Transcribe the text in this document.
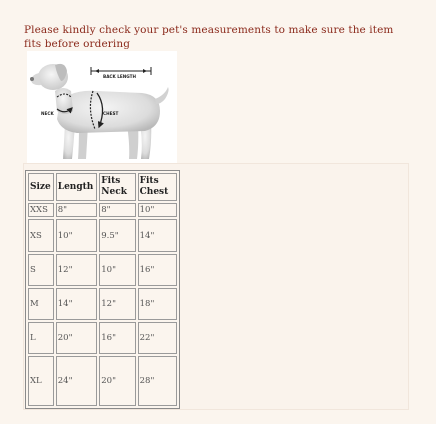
Please kindly check your pet's measurements to make sure the item fits before ordering

BACK LENGTH
NECK	CHEST
Size	Length	Fits Neck	Fits Chest
XXS	8"	8"	10"
XS	10"	9.5"	14"
S	12"	10"	16"
M	14"	12"	18"
L	20"	16"	22"
XL	24"	20"	28"
